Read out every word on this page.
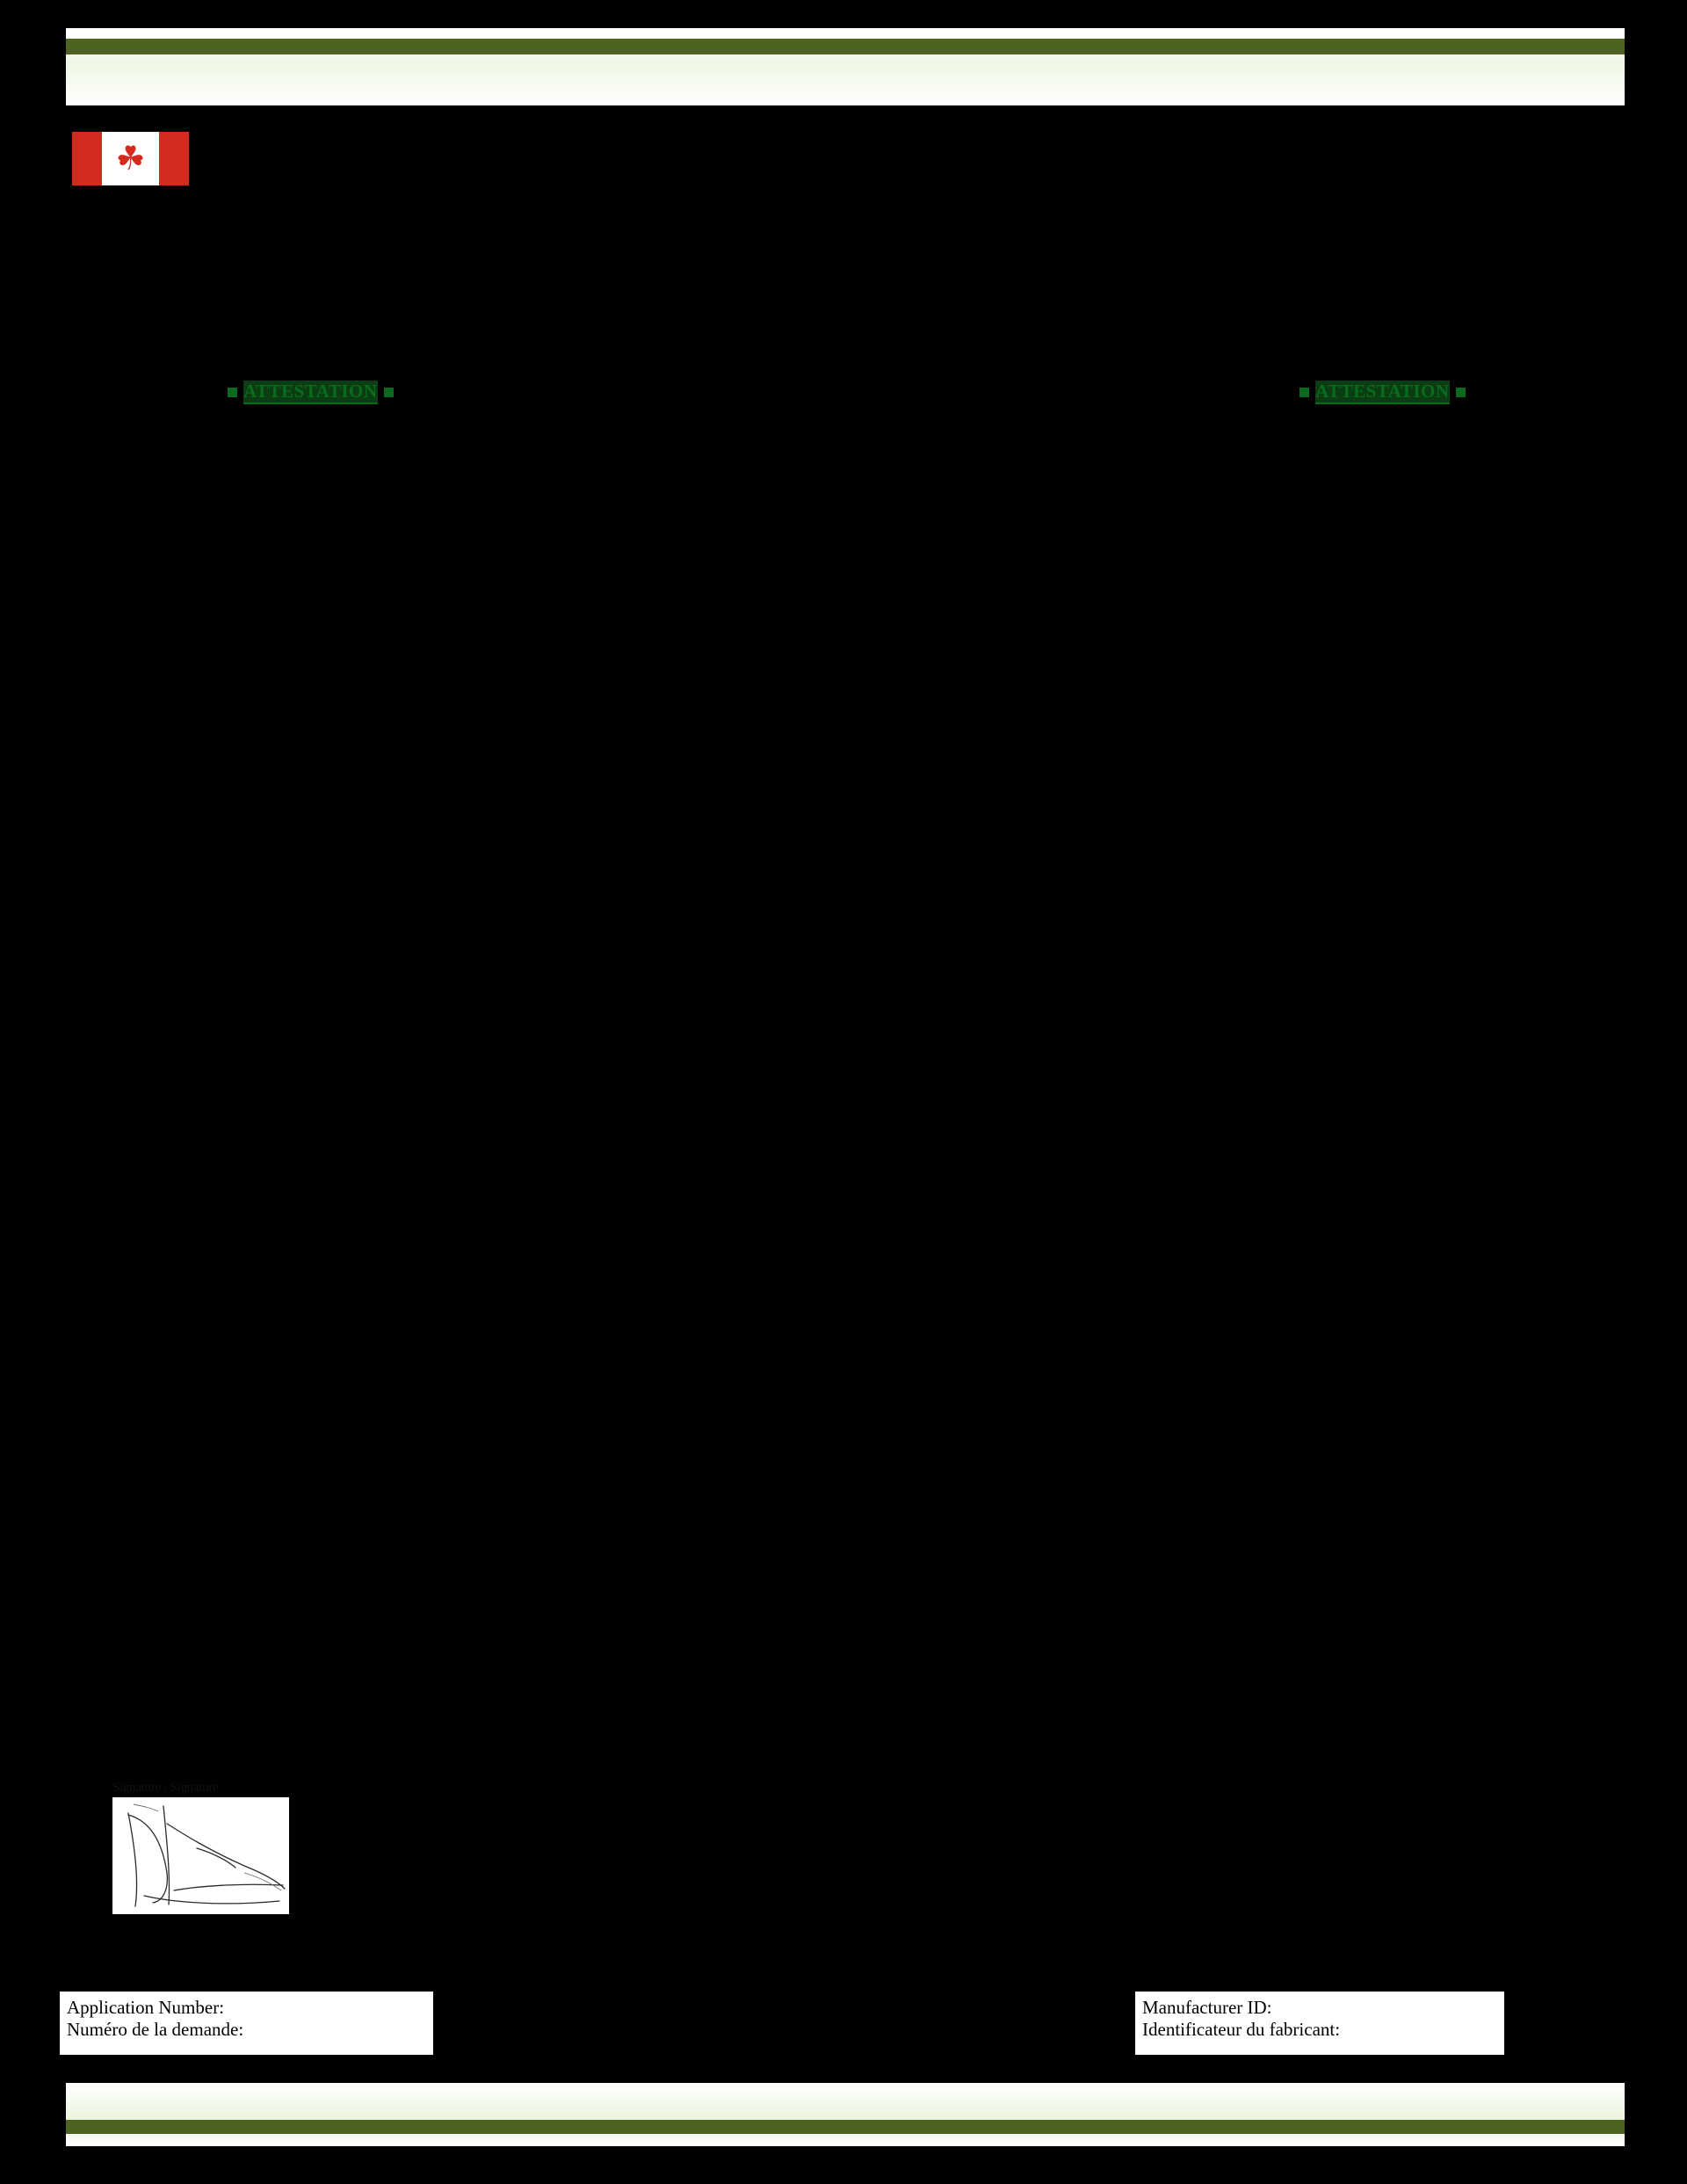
☘
ATTESTATION	ATTESTATION
Signature / Signature
Application Number:
Numéro de la demande:
Manufacturer ID:
Identificateur du fabricant:
